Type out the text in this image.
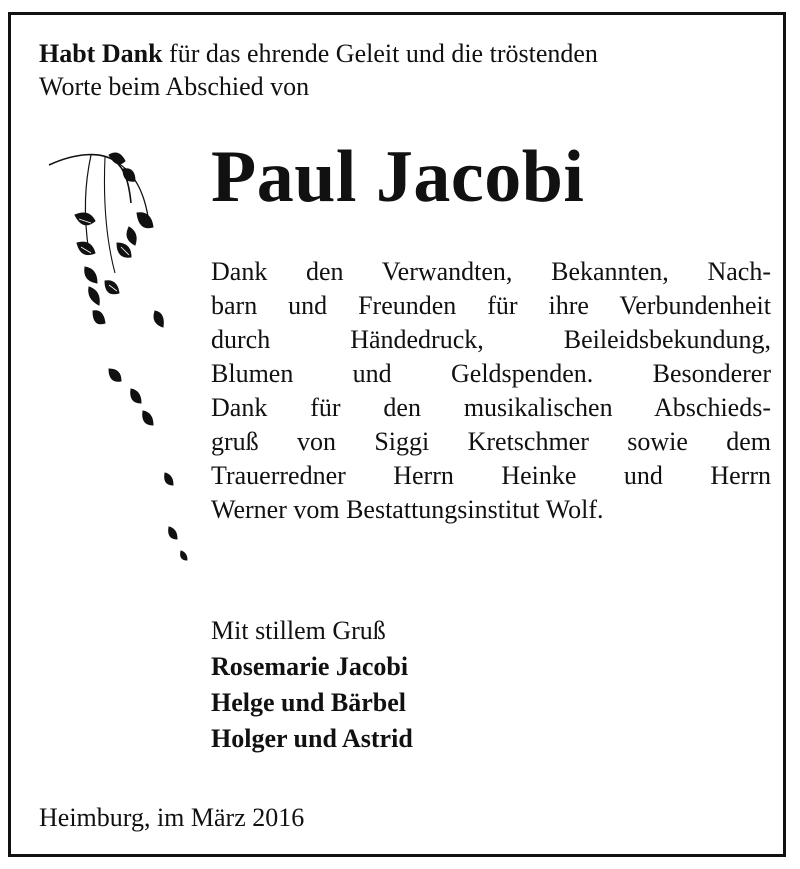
Habt Dank für das ehrende Geleit und die tröstenden
Worte beim Abschied von
Paul Jacobi
Dank den Verwandten, Bekannten, Nach-
barn und Freunden für ihre Verbundenheit
durch Händedruck, Beileidsbekundung,
Blumen und Geldspenden. Besonderer
Dank für den musikalischen Abschieds-
gruß von Siggi Kretschmer sowie dem
Trauerredner Herrn Heinke und Herrn
Werner vom Bestattungsinstitut Wolf.
Mit stillem Gruß
Rosemarie Jacobi
Helge und Bärbel
Holger und Astrid
Heimburg, im März 2016
